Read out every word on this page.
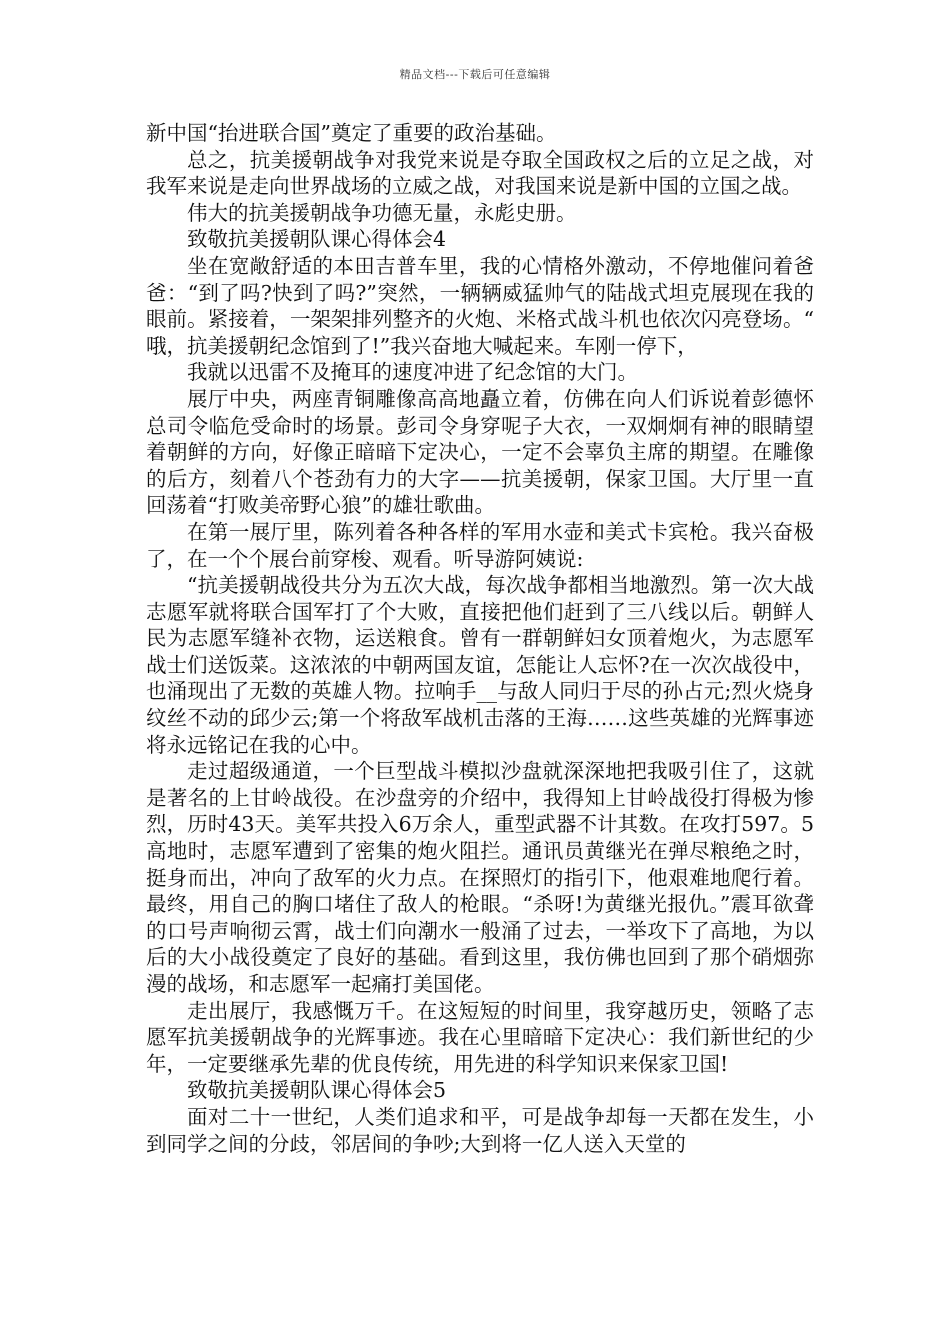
精品文档---下载后可任意编辑

新中国“抬进联合国”奠定了重要的政治基础。

总之，抗美援朝战争对我党来说是夺取全国政权之后的立足之战，对我军来说是走向世界战场的立威之战，对我国来说是新中国的立国之战。

伟大的抗美援朝战争功德无量，永彪史册。

致敬抗美援朝队课心得体会4

坐在宽敞舒适的本田吉普车里，我的心情格外激动，不停地催问着爸爸：“到了吗?快到了吗?”突然，一辆辆威猛帅气的陆战式坦克展现在我的眼前。紧接着，一架架排列整齐的火炮、米格式战斗机也依次闪亮登场。“哦，抗美援朝纪念馆到了!”我兴奋地大喊起来。车刚一停下，

我就以迅雷不及掩耳的速度冲进了纪念馆的大门。

展厅中央，两座青铜雕像高高地矗立着，仿佛在向人们诉说着彭德怀总司令临危受命时的场景。彭司令身穿呢子大衣，一双炯炯有神的眼睛望着朝鲜的方向，好像正暗暗下定决心，一定不会辜负主席的期望。在雕像的后方，刻着八个苍劲有力的大字——抗美援朝，保家卫国。大厅里一直回荡着“打败美帝野心狼”的雄壮歌曲。

在第一展厅里，陈列着各种各样的军用水壶和美式卡宾枪。我兴奋极了，在一个个展台前穿梭、观看。听导游阿姨说:

“抗美援朝战役共分为五次大战，每次战争都相当地激烈。第一次大战志愿军就将联合国军打了个大败，直接把他们赶到了三八线以后。朝鲜人民为志愿军缝补衣物，运送粮食。曾有一群朝鲜妇女顶着炮火，为志愿军战士们送饭菜。这浓浓的中朝两国友谊，怎能让人忘怀?在一次次战役中，也涌现出了无数的英雄人物。拉响手__与敌人同归于尽的孙占元;烈火烧身纹丝不动的邱少云;第一个将敌军战机击落的王海……这些英雄的光辉事迹将永远铭记在我的心中。

走过超级通道，一个巨型战斗模拟沙盘就深深地把我吸引住了，这就是著名的上甘岭战役。在沙盘旁的介绍中，我得知上甘岭战役打得极为惨烈，历时43天。美军共投入6万余人，重型武器不计其数。在攻打597。5高地时，志愿军遭到了密集的炮火阻拦。通讯员黄继光在弹尽粮绝之时，挺身而出，冲向了敌军的火力点。在探照灯的指引下，他艰难地爬行着。最终，用自己的胸口堵住了敌人的枪眼。“杀呀!为黄继光报仇。”震耳欲聋的口号声响彻云霄，战士们向潮水一般涌了过去，一举攻下了高地，为以后的大小战役奠定了良好的基础。看到这里，我仿佛也回到了那个硝烟弥漫的战场，和志愿军一起痛打美国佬。

走出展厅，我感慨万千。在这短短的时间里，我穿越历史，领略了志愿军抗美援朝战争的光辉事迹。我在心里暗暗下定决心：我们新世纪的少年，一定要继承先辈的优良传统，用先进的科学知识来保家卫国!

致敬抗美援朝队课心得体会5

面对二十一世纪，人类们追求和平，可是战争却每一天都在发生，小到同学之间的分歧，邻居间的争吵;大到将一亿人送入天堂的
